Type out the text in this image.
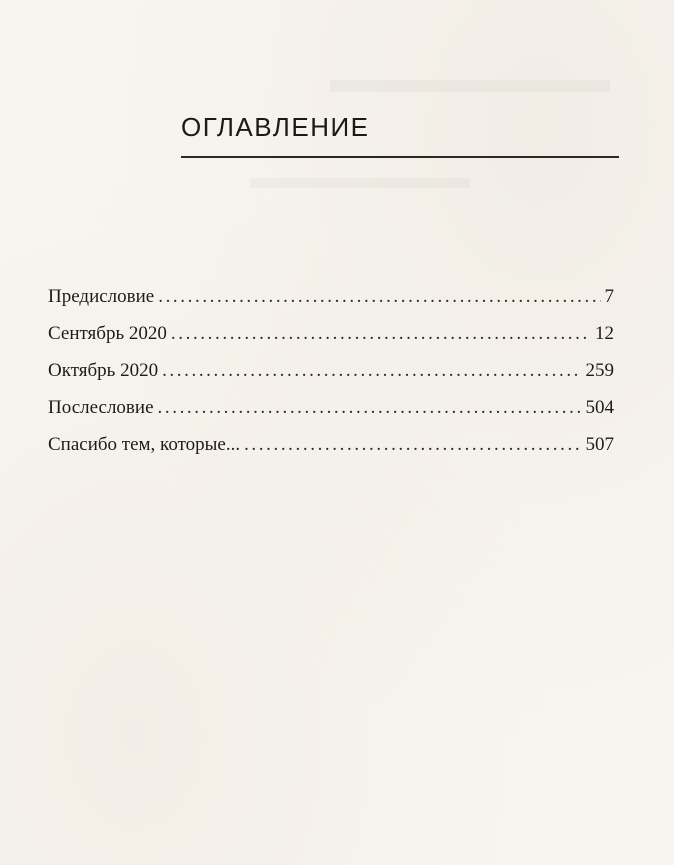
ОГЛАВЛЕНИЕ
Предисловие .....	7
Сентябрь 2020 .....	12
Октябрь 2020 .....	259
Послесловие .....	504
Спасибо тем, которые... .....	507
